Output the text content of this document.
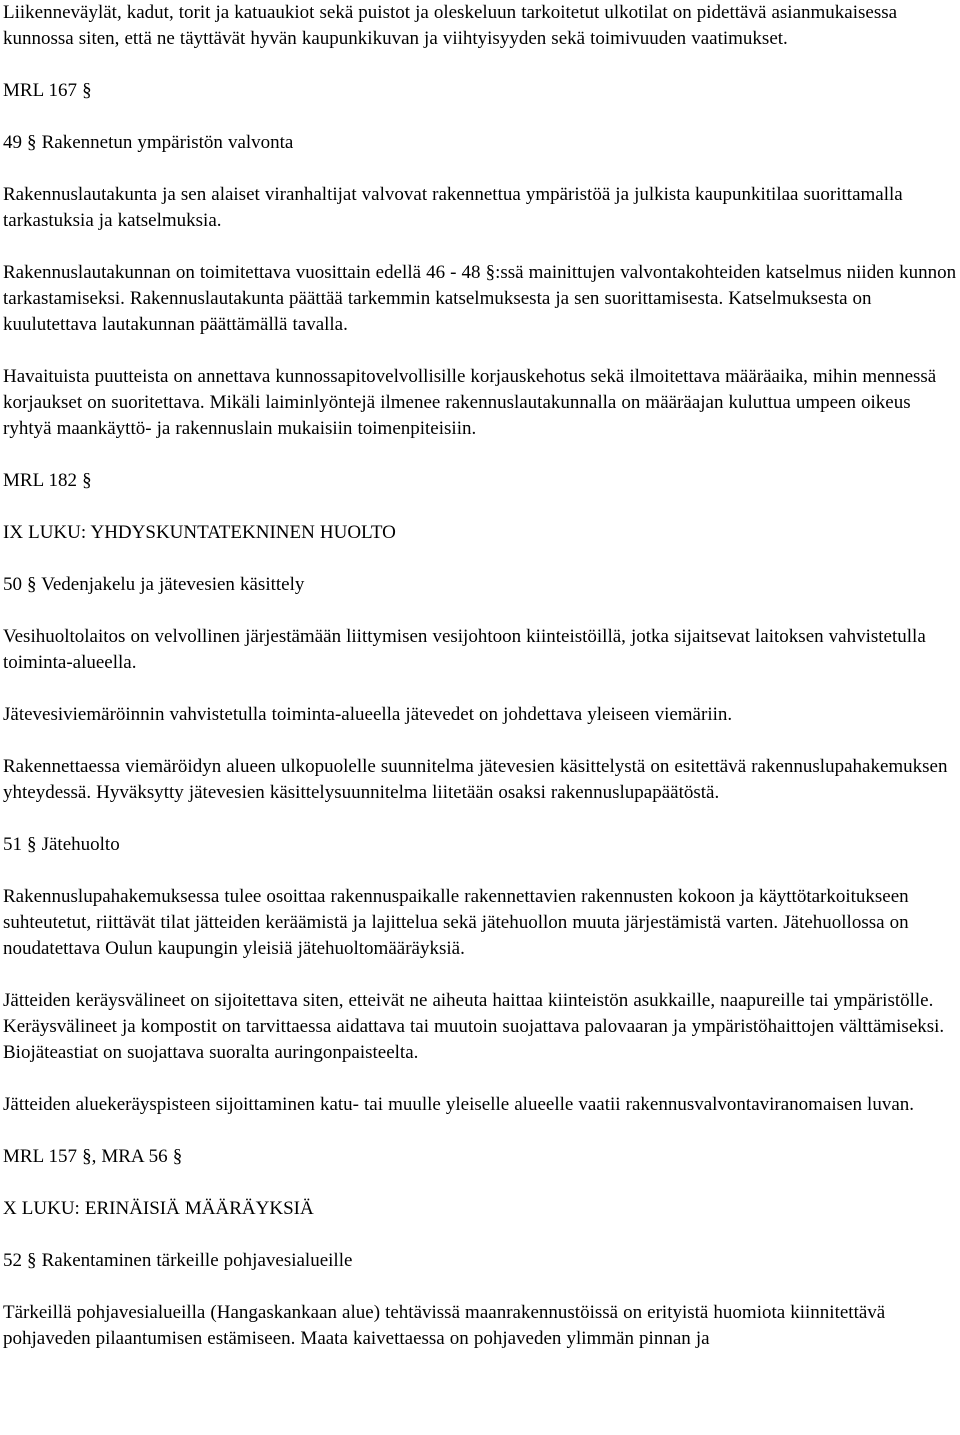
Liikenneväylät, kadut, torit ja katuaukiot sekä puistot ja oleskeluun tarkoitetut ulkotilat on pidettävä asianmukaisessa kunnossa siten, että ne täyttävät hyvän kaupunkikuvan ja viihtyisyyden sekä toimivuuden vaatimukset.

MRL 167 §

49 § Rakennetun ympäristön valvonta

Rakennuslautakunta ja sen alaiset viranhaltijat valvovat rakennettua ympäristöä ja julkista kaupunkitilaa suorittamalla tarkastuksia ja katselmuksia.

Rakennuslautakunnan on toimitettava vuosittain edellä 46 - 48 §:ssä mainittujen valvontakohteiden katselmus niiden kunnon tarkastamiseksi. Rakennuslautakunta päättää tarkemmin katselmuksesta ja sen suorittamisesta. Katselmuksesta on kuulutettava lautakunnan päättämällä tavalla.

Havaituista puutteista on annettava kunnossapitovelvollisille korjauskehotus sekä ilmoitettava määräaika, mihin mennessä korjaukset on suoritettava. Mikäli laiminlyöntejä ilmenee rakennuslautakunnalla on määräajan kuluttua umpeen oikeus ryhtyä maankäyttö- ja rakennuslain mukaisiin toimenpiteisiin.

MRL 182 §

IX LUKU: YHDYSKUNTATEKNINEN HUOLTO

50 § Vedenjakelu ja jätevesien käsittely

Vesihuoltolaitos on velvollinen järjestämään liittymisen vesijohtoon kiinteistöillä, jotka sijaitsevat laitoksen vahvistetulla toiminta-alueella.

Jätevesiviemäröinnin vahvistetulla toiminta-alueella jätevedet on johdettava yleiseen viemäriin.

Rakennettaessa viemäröidyn alueen ulkopuolelle suunnitelma jätevesien käsittelystä on esitettävä rakennuslupahakemuksen yhteydessä. Hyväksytty jätevesien käsittelysuunnitelma liitetään osaksi rakennuslupapäätöstä.

51 § Jätehuolto

Rakennuslupahakemuksessa tulee osoittaa rakennuspaikalle rakennettavien rakennusten kokoon ja käyttötarkoitukseen suhteutetut, riittävät tilat jätteiden keräämistä ja lajittelua sekä jätehuollon muuta järjestämistä varten. Jätehuollossa on noudatettava Oulun kaupungin yleisiä jätehuoltomääräyksiä.

Jätteiden keräysvälineet on sijoitettava siten, etteivät ne aiheuta haittaa kiinteistön asukkaille, naapureille tai ympäristölle. Keräysvälineet ja kompostit on tarvittaessa aidattava tai muutoin suojattava palovaaran ja ympäristöhaittojen välttämiseksi. Biojäteastiat on suojattava suoralta auringonpaisteelta.

Jätteiden aluekeräyspisteen sijoittaminen katu- tai muulle yleiselle alueelle vaatii rakennusvalvontaviranomaisen luvan.

MRL 157 §, MRA 56 §

X LUKU: ERINÄISIÄ MÄÄRÄYKSIÄ

52 § Rakentaminen tärkeille pohjavesialueille

Tärkeillä pohjavesialueilla (Hangaskankaan alue) tehtävissä maanrakennustöissä on erityistä huomiota kiinnitettävä pohjaveden pilaantumisen estämiseen. Maata kaivettaessa on pohjaveden ylimmän pinnan ja
